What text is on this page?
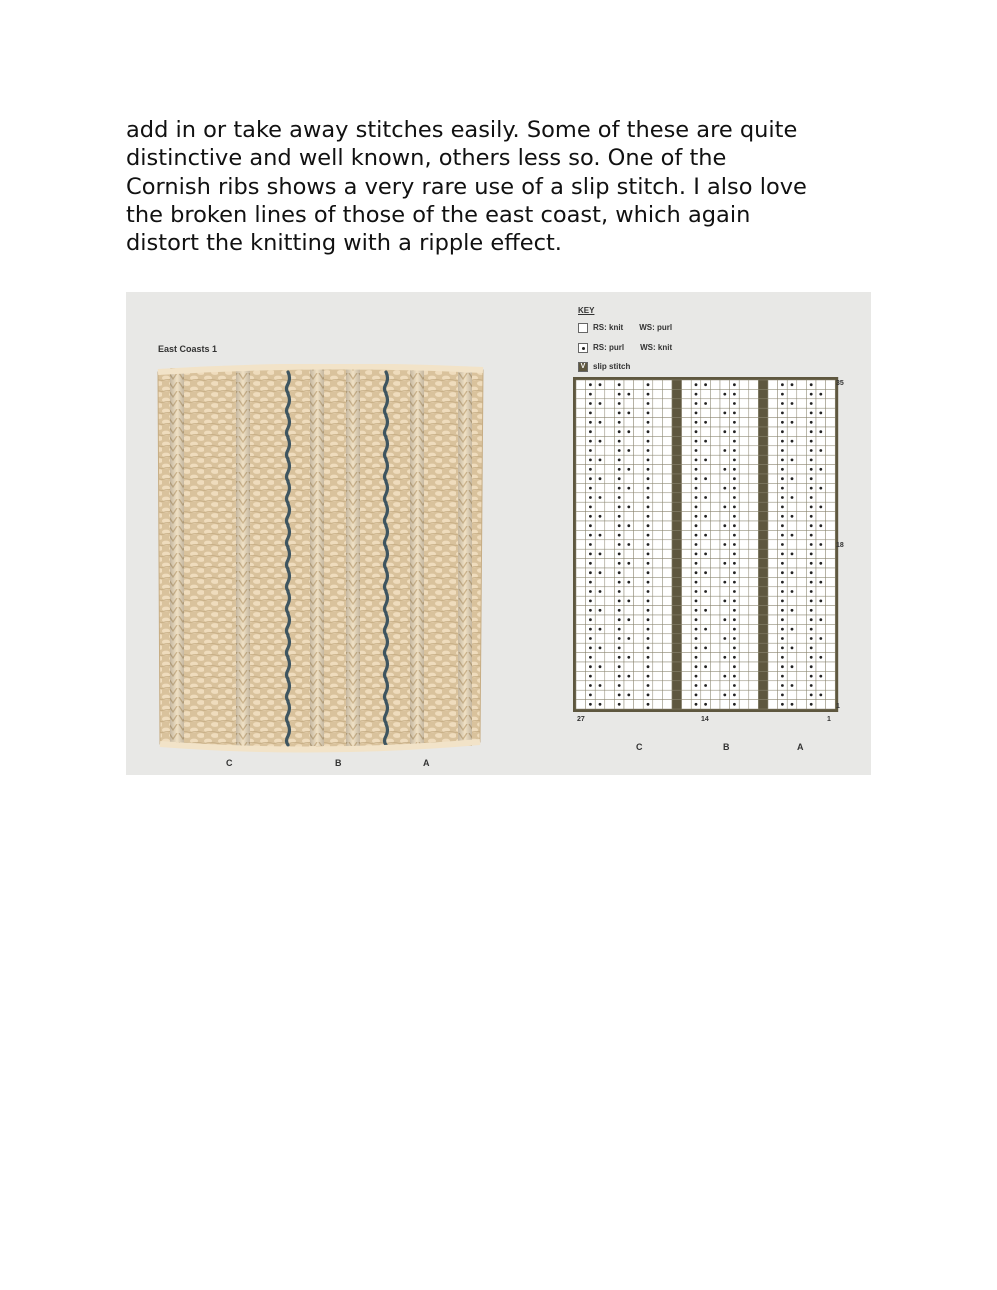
add in or take away stitches easily. Some of these are quite
distinctive and well known, others less so. One of the
Cornish ribs shows a very rare use of a slip stitch. I also love
the broken lines of those of the east coast, which again
distort the knitting with a ripple effect.
East Coasts 1
C	B	A
KEY
RS: knit WS: purl
RS: purl WS: knit
V slip stitch
35
18
1
27	14	1
C	B	A
